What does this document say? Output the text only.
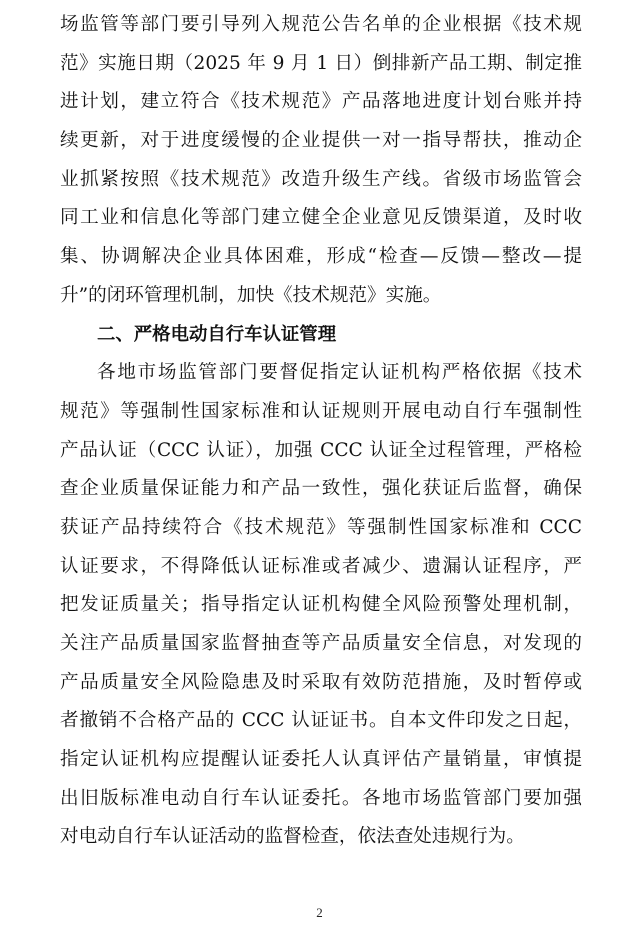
场监管等部门要引导列入规范公告名单的企业根据《技术规
范》实施日期（2025 年 9 月 1 日）倒排新产品工期、制定推
进计划，建立符合《技术规范》产品落地进度计划台账并持
续更新，对于进度缓慢的企业提供一对一指导帮扶，推动企
业抓紧按照《技术规范》改造升级生产线。省级市场监管会
同工业和信息化等部门建立健全企业意见反馈渠道，及时收
集、协调解决企业具体困难，形成“检查—反馈—整改—提
升”的闭环管理机制，加快《技术规范》实施。
二、严格电动自行车认证管理
各地市场监管部门要督促指定认证机构严格依据《技术
规范》等强制性国家标准和认证规则开展电动自行车强制性
产品认证（CCC 认证），加强 CCC 认证全过程管理，严格检
查企业质量保证能力和产品一致性，强化获证后监督，确保
获证产品持续符合《技术规范》等强制性国家标准和 CCC
认证要求，不得降低认证标准或者减少、遗漏认证程序，严
把发证质量关；指导指定认证机构健全风险预警处理机制，
关注产品质量国家监督抽查等产品质量安全信息，对发现的
产品质量安全风险隐患及时采取有效防范措施，及时暂停或
者撤销不合格产品的 CCC 认证证书。自本文件印发之日起，
指定认证机构应提醒认证委托人认真评估产量销量，审慎提
出旧版标准电动自行车认证委托。各地市场监管部门要加强
对电动自行车认证活动的监督检查，依法查处违规行为。
2
